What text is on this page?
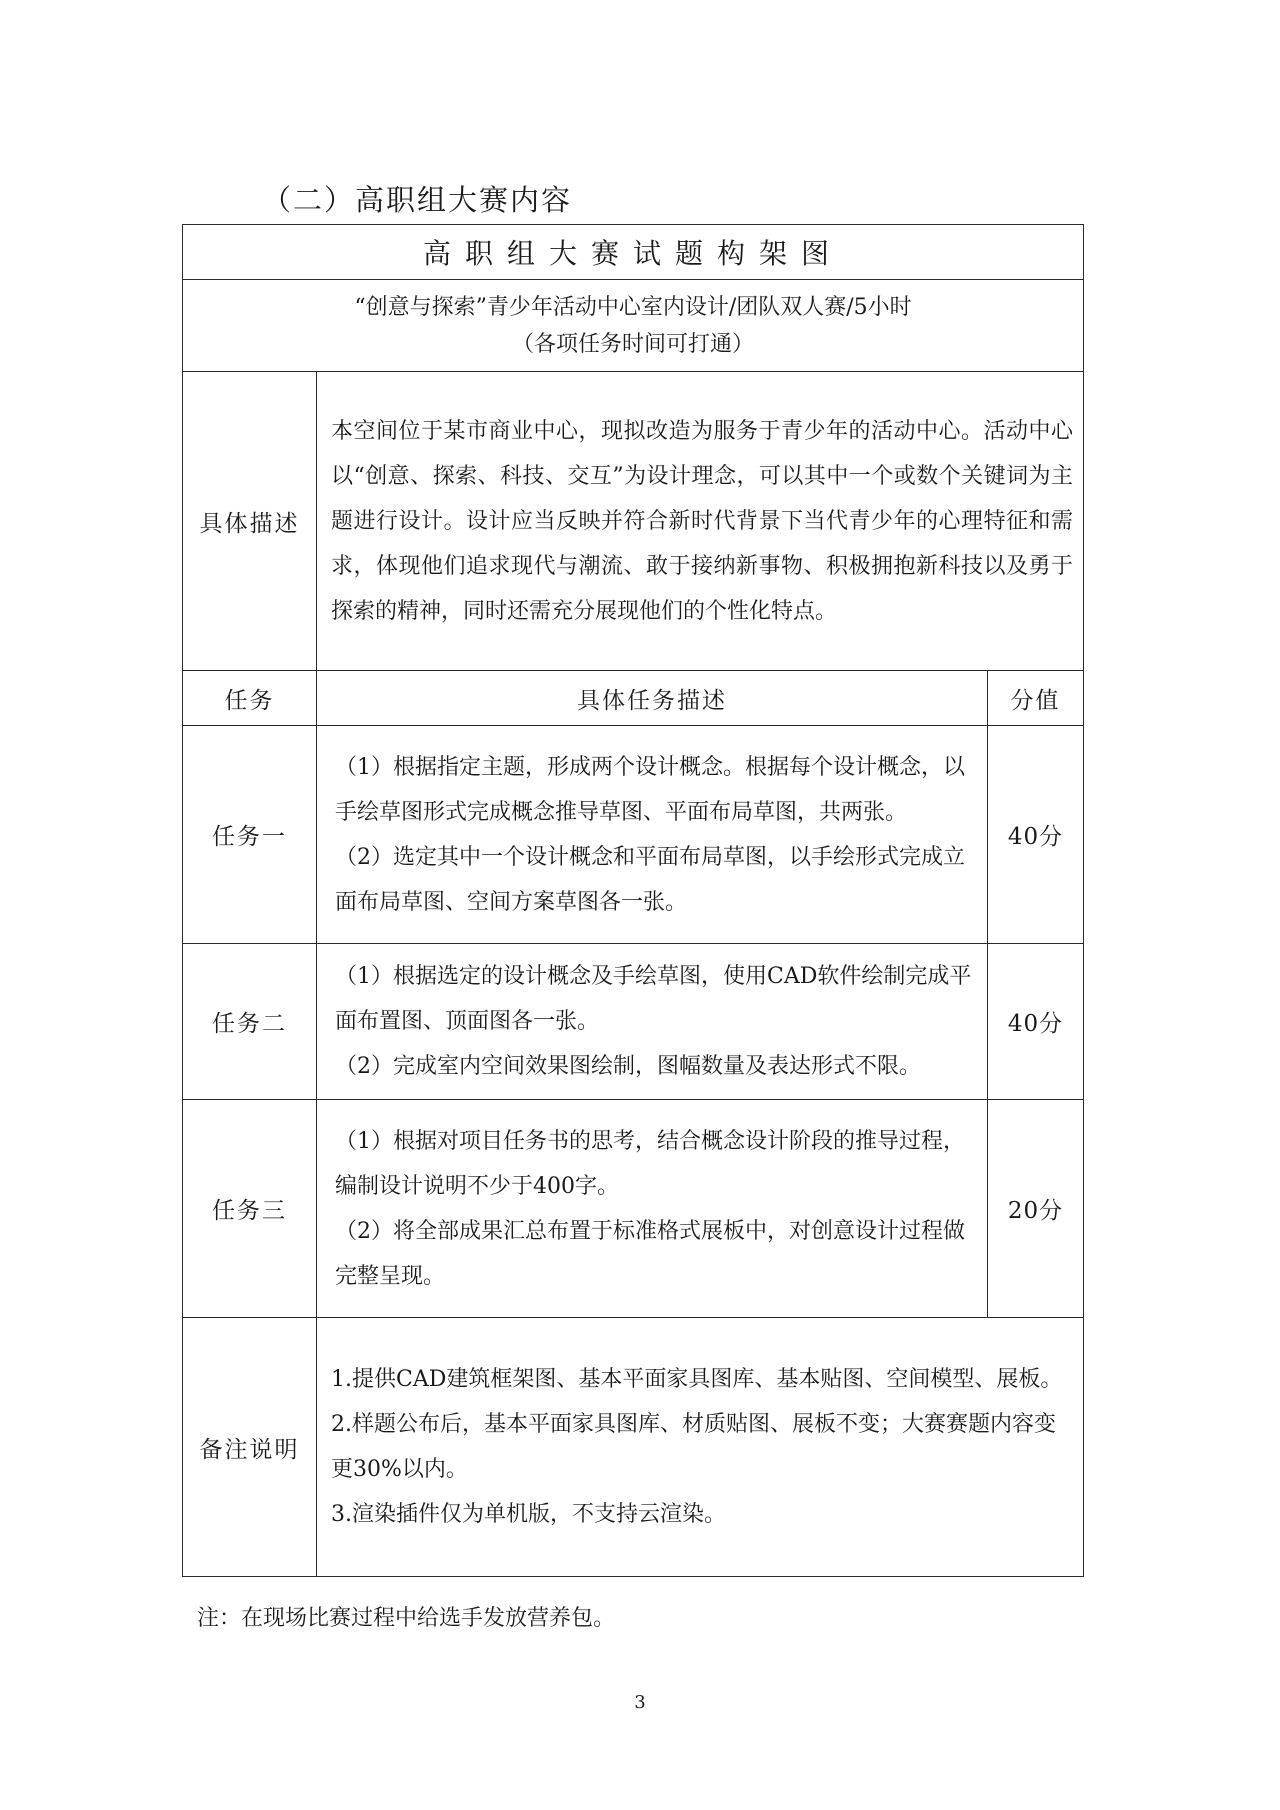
（二）高职组大赛内容
高职组大赛试题构架图		

“创意与探索”青少年活动中心室内设计/团队双人赛/5小时
（各项任务时间可打通）		

具体描述	本空间位于某市商业中心，现拟改造为服务于青少年的活动中心。活动中心以“创意、探索、科技、交互”为设计理念，可以其中一个或数个关键词为主题进行设计。设计应当反映并符合新时代背景下当代青少年的心理特征和需求，体现他们追求现代与潮流、敢于接纳新事物、积极拥抱新科技以及勇于探索的精神，同时还需充分展现他们的个性化特点。	

任务	具体任务描述	分值
任务一	（1）根据指定主题，形成两个设计概念。根据每个设计概念，以手绘草图形式完成概念推导草图、平面布局草图，共两张。

（2）选定其中一个设计概念和平面布局草图，以手绘形式完成立面布局草图、空间方案草图各一张。	40分
任务二	（1）根据选定的设计概念及手绘草图，使用CAD软件绘制完成平面布置图、顶面图各一张。

（2）完成室内空间效果图绘制，图幅数量及表达形式不限。	40分
任务三	（1）根据对项目任务书的思考，结合概念设计阶段的推导过程，编制设计说明不少于400字。

（2）将全部成果汇总布置于标准格式展板中，对创意设计过程做完整呈现。	20分
备注说明	1.提供CAD建筑框架图、基本平面家具图库、基本贴图、空间模型、展板。

2.样题公布后，基本平面家具图库、材质贴图、展板不变；大赛赛题内容变更30%以内。

3.渲染插件仅为单机版，不支持云渲染。	

注：在现场比赛过程中给选手发放营养包。
3
